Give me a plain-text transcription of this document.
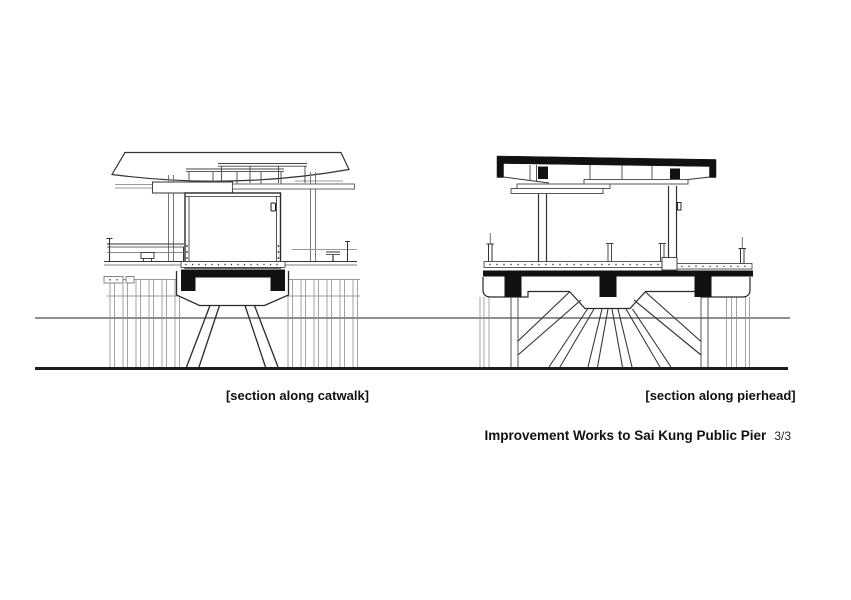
[section along catwalk]	[section along pierhead]
Improvement Works to Sai Kung Public Pier 3/3
